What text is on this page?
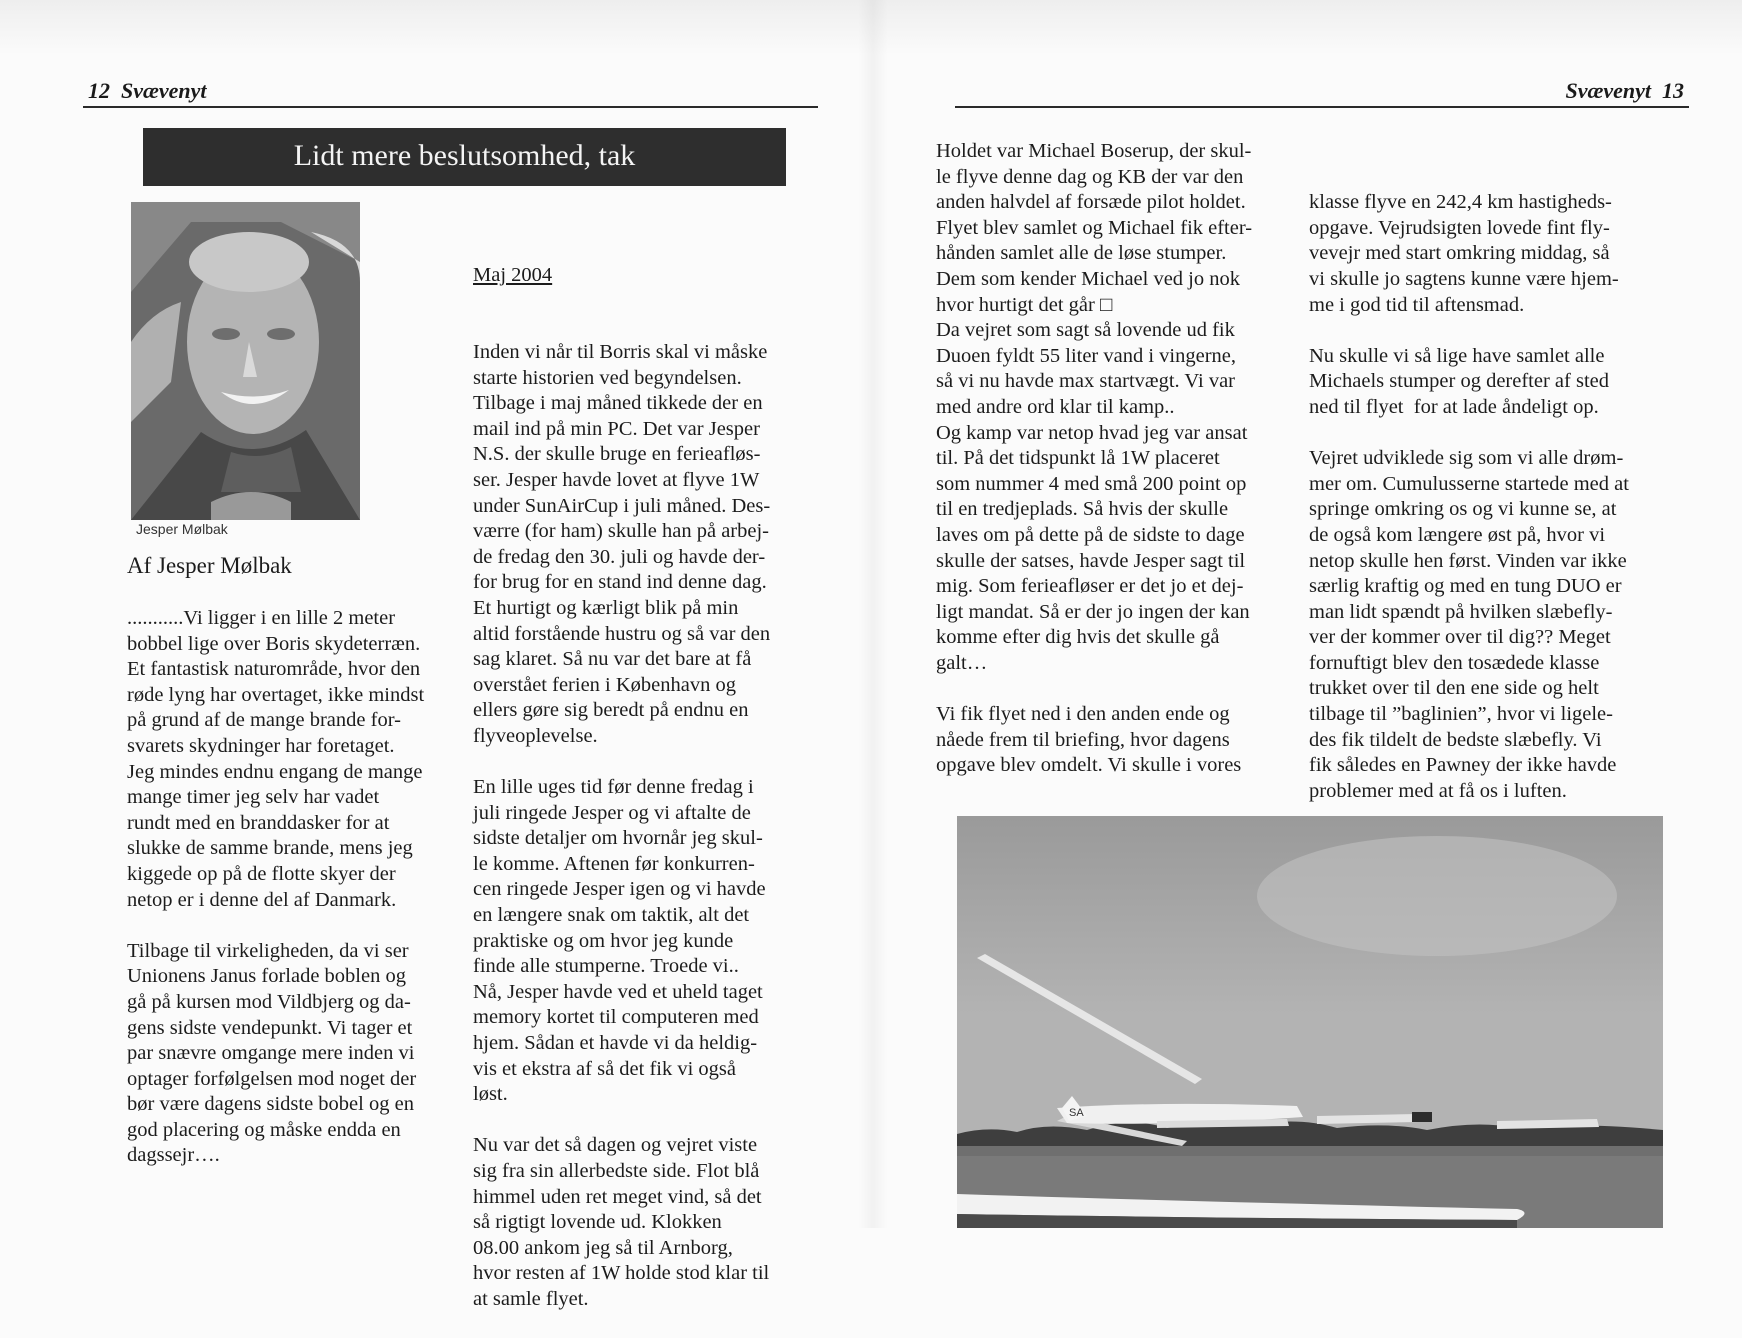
12 Svævenyt
Lidt mere beslutsomhed, tak
Jesper Mølbak
Af Jesper Mølbak

...........Vi ligger i en lille 2 meter

bobbel lige over Boris skydeterræn.

Et fantastisk naturområde, hvor den

røde lyng har overtaget, ikke mindst

på grund af de mange brande for-

svarets skydninger har foretaget.

Jeg mindes endnu engang de mange

mange timer jeg selv har vadet

rundt med en branddasker for at

slukke de samme brande, mens jeg

kiggede op på de flotte skyer der

netop er i denne del af Danmark.

Tilbage til virkeligheden, da vi ser

Unionens Janus forlade boblen og

gå på kursen mod Vildbjerg og da-

gens sidste vendepunkt. Vi tager et

par snævre omgange mere inden vi

optager forfølgelsen mod noget der

bør være dagens sidste bobel og en

god placering og måske endda en

dagssejr….

Maj 2004

Inden vi når til Borris skal vi måske

starte historien ved begyndelsen.

Tilbage i maj måned tikkede der en

mail ind på min PC. Det var Jesper

N.S. der skulle bruge en ferieafløs-

ser. Jesper havde lovet at flyve 1W

under SunAirCup i juli måned. Des-

værre (for ham) skulle han på arbej-

de fredag den 30. juli og havde der-

for brug for en stand ind denne dag.

Et hurtigt og kærligt blik på min

altid forstående hustru og så var den

sag klaret. Så nu var det bare at få

overstået ferien i København og

ellers gøre sig beredt på endnu en

flyveoplevelse.

En lille uges tid før denne fredag i

juli ringede Jesper og vi aftalte de

sidste detaljer om hvornår jeg skul-

le komme. Aftenen før konkurren-

cen ringede Jesper igen og vi havde

en længere snak om taktik, alt det

praktiske og om hvor jeg kunde

finde alle stumperne. Troede vi..

Nå, Jesper havde ved et uheld taget

memory kortet til computeren med

hjem. Sådan et havde vi da heldig-

vis et ekstra af så det fik vi også

løst.

Nu var det så dagen og vejret viste

sig fra sin allerbedste side. Flot blå

himmel uden ret meget vind, så det

så rigtigt lovende ud. Klokken

08.00 ankom jeg så til Arnborg,

hvor resten af 1W holde stod klar til

at samle flyet.

Svævenyt 13

Holdet var Michael Boserup, der skul-

le flyve denne dag og KB der var den

anden halvdel af forsæde pilot holdet.

Flyet blev samlet og Michael fik efter-

hånden samlet alle de løse stumper.

Dem som kender Michael ved jo nok

hvor hurtigt det går □

Da vejret som sagt så lovende ud fik

Duoen fyldt 55 liter vand i vingerne,

så vi nu havde max startvægt. Vi var

med andre ord klar til kamp..

Og kamp var netop hvad jeg var ansat

til. På det tidspunkt lå 1W placeret

som nummer 4 med små 200 point op

til en tredjeplads. Så hvis der skulle

laves om på dette på de sidste to dage

skulle der satses, havde Jesper sagt til

mig. Som ferieafløser er det jo et dej-

ligt mandat. Så er der jo ingen der kan

komme efter dig hvis det skulle gå

galt…

Vi fik flyet ned i den anden ende og

nåede frem til briefing, hvor dagens

opgave blev omdelt. Vi skulle i vores

klasse flyve en 242,4 km hastigheds-

opgave. Vejrudsigten lovede fint fly-

vevejr med start omkring middag, så

vi skulle jo sagtens kunne være hjem-

me i god tid til aftensmad.

Nu skulle vi så lige have samlet alle

Michaels stumper og derefter af sted

ned til flyet  for at lade åndeligt op.

Vejret udviklede sig som vi alle drøm-

mer om. Cumulusserne startede med at

springe omkring os og vi kunne se, at

de også kom længere øst på, hvor vi

netop skulle hen først. Vinden var ikke

særlig kraftig og med en tung DUO er

man lidt spændt på hvilken slæbefly-

ver der kommer over til dig?? Meget

fornuftigt blev den tosædede klasse

trukket over til den ene side og helt

tilbage til ”baglinien”, hvor vi ligele-

des fik tildelt de bedste slæbefly. Vi

fik således en Pawney der ikke havde

problemer med at få os i luften.

SA
